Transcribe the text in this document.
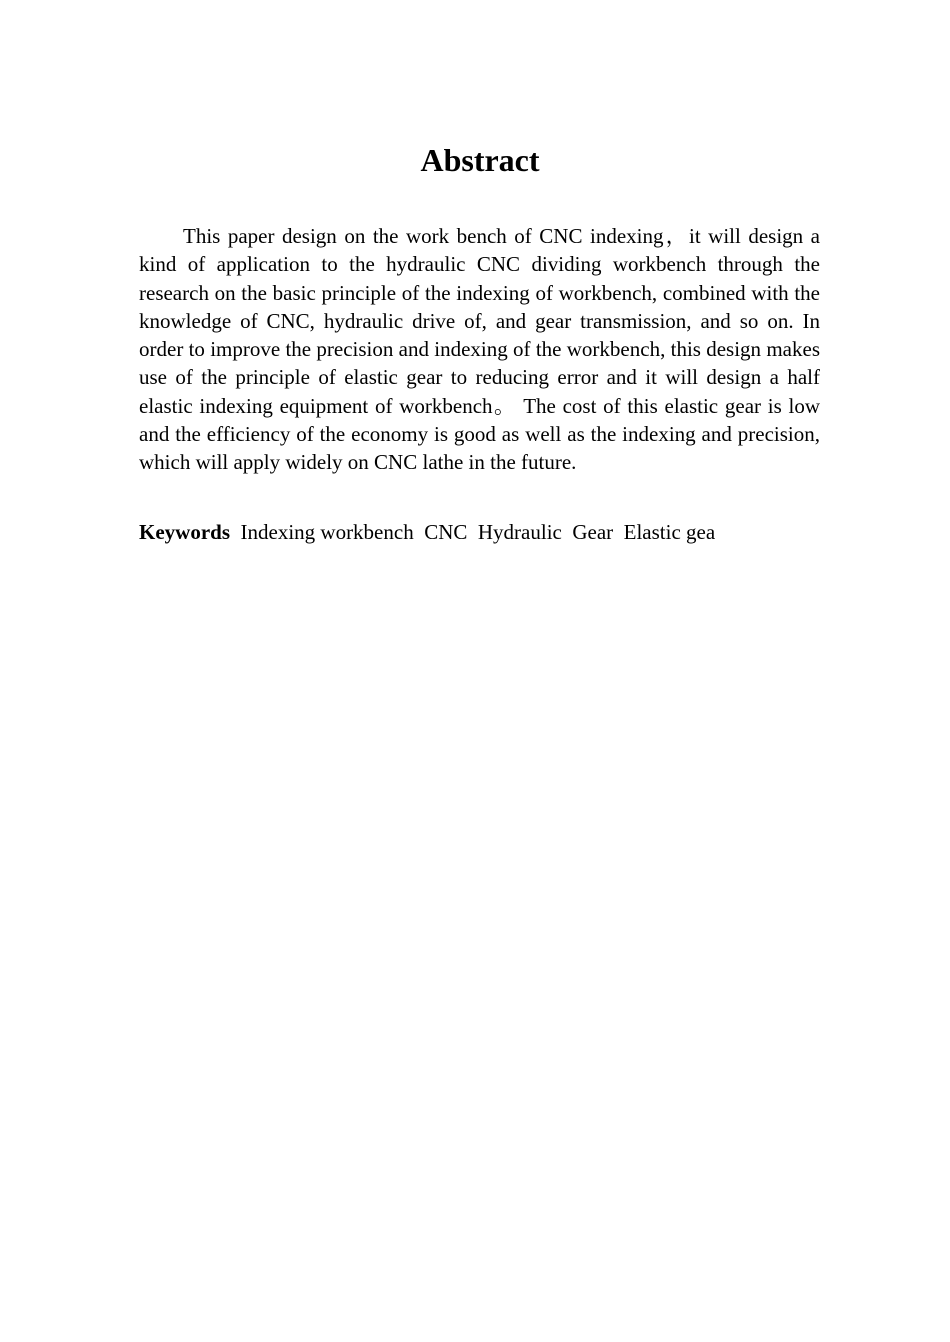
Abstract

This paper design on the work bench of CNC indexing，it will design a kind of application to the hydraulic CNC dividing workbench through the research on the basic principle of the indexing of workbench, combined with the knowledge of CNC, hydraulic drive of, and gear transmission, and so on. In order to improve the precision and indexing of the workbench, this design makes use of the principle of elastic gear to reducing error and it will design a half elastic indexing equipment of workbench。 The cost of this elastic gear is low and the efficiency of the economy is good as well as the indexing and precision, which will apply widely on CNC lathe in the future.

Keywords  Indexing workbench  CNC  Hydraulic  Gear  Elastic gea
